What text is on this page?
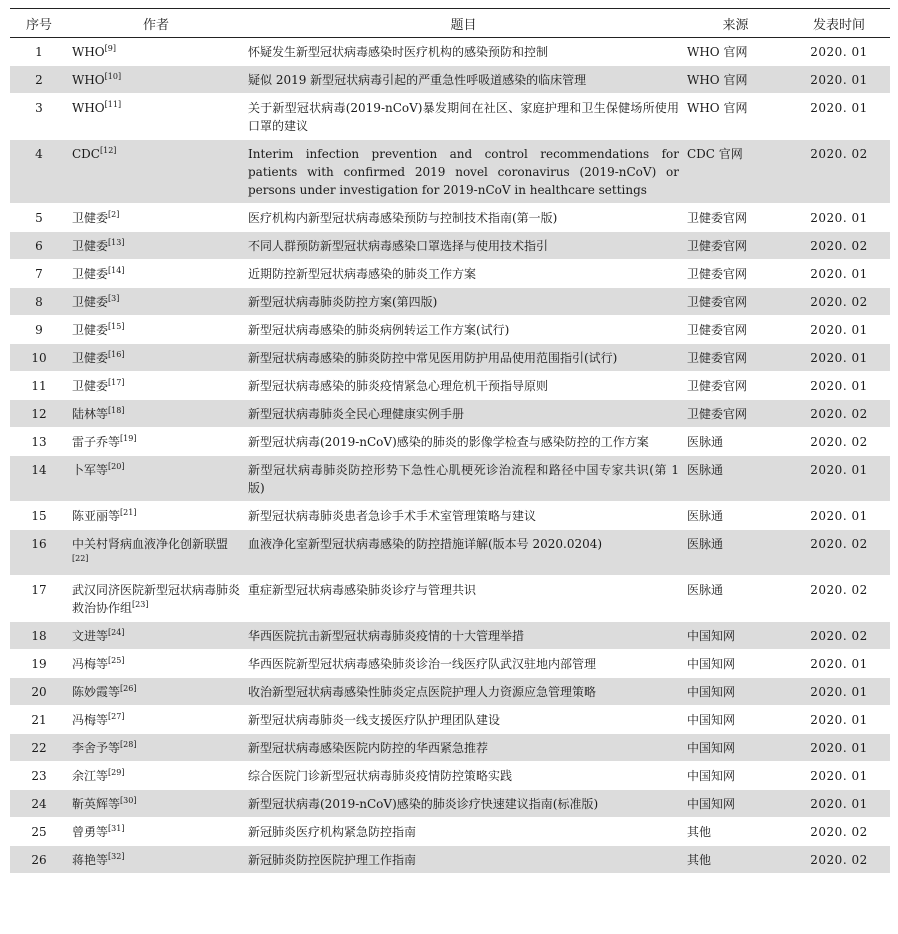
序号	作者	题目	来源	发表时间
1	WHO[9]	怀疑发生新型冠状病毒感染时医疗机构的感染预防和控制	WHO 官网	2020. 01
2	WHO[10]	疑似 2019 新型冠状病毒引起的严重急性呼吸道感染的临床管理	WHO 官网	2020. 01
3	WHO[11]	关于新型冠状病毒(2019-nCoV)暴发期间在社区、家庭护理和卫生保健场所使用口罩的建议	WHO 官网	2020. 01
4	CDC[12]	Interim infection prevention and control recommendations for patients with confirmed 2019 novel coronavirus (2019-nCoV) or persons under investigation for 2019-nCoV in healthcare settings	CDC 官网	2020. 02
5	卫健委[2]	医疗机构内新型冠状病毒感染预防与控制技术指南(第一版)	卫健委官网	2020. 01
6	卫健委[13]	不同人群预防新型冠状病毒感染口罩选择与使用技术指引	卫健委官网	2020. 02
7	卫健委[14]	近期防控新型冠状病毒感染的肺炎工作方案	卫健委官网	2020. 01
8	卫健委[3]	新型冠状病毒肺炎防控方案(第四版)	卫健委官网	2020. 02
9	卫健委[15]	新型冠状病毒感染的肺炎病例转运工作方案(试行)	卫健委官网	2020. 01
10	卫健委[16]	新型冠状病毒感染的肺炎防控中常见医用防护用品使用范围指引(试行)	卫健委官网	2020. 01
11	卫健委[17]	新型冠状病毒感染的肺炎疫情紧急心理危机干预指导原则	卫健委官网	2020. 01
12	陆林等[18]	新型冠状病毒肺炎全民心理健康实例手册	卫健委官网	2020. 02
13	雷子乔等[19]	新型冠状病毒(2019-nCoV)感染的肺炎的影像学检查与感染防控的工作方案	医脉通	2020. 02
14	卜军等[20]	新型冠状病毒肺炎防控形势下急性心肌梗死诊治流程和路径中国专家共识(第 1 版)	医脉通	2020. 01
15	陈亚丽等[21]	新型冠状病毒肺炎患者急诊手术手术室管理策略与建议	医脉通	2020. 01
16	中关村肾病血液净化创新联盟[22]	血液净化室新型冠状病毒感染的防控措施详解(版本号 2020.0204)	医脉通	2020. 02
17	武汉同济医院新型冠状病毒肺炎救治协作组[23]	重症新型冠状病毒感染肺炎诊疗与管理共识	医脉通	2020. 02
18	文进等[24]	华西医院抗击新型冠状病毒肺炎疫情的十大管理举措	中国知网	2020. 02
19	冯梅等[25]	华西医院新型冠状病毒感染肺炎诊治一线医疗队武汉驻地内部管理	中国知网	2020. 01
20	陈妙霞等[26]	收治新型冠状病毒感染性肺炎定点医院护理人力资源应急管理策略	中国知网	2020. 01
21	冯梅等[27]	新型冠状病毒肺炎一线支援医疗队护理团队建设	中国知网	2020. 01
22	李舍予等[28]	新型冠状病毒感染医院内防控的华西紧急推荐	中国知网	2020. 01
23	余江等[29]	综合医院门诊新型冠状病毒肺炎疫情防控策略实践	中国知网	2020. 01
24	靳英辉等[30]	新型冠状病毒(2019-nCoV)感染的肺炎诊疗快速建议指南(标准版)	中国知网	2020. 01
25	曾勇等[31]	新冠肺炎医疗机构紧急防控指南	其他	2020. 02
26	蒋艳等[32]	新冠肺炎防控医院护理工作指南	其他	2020. 02
